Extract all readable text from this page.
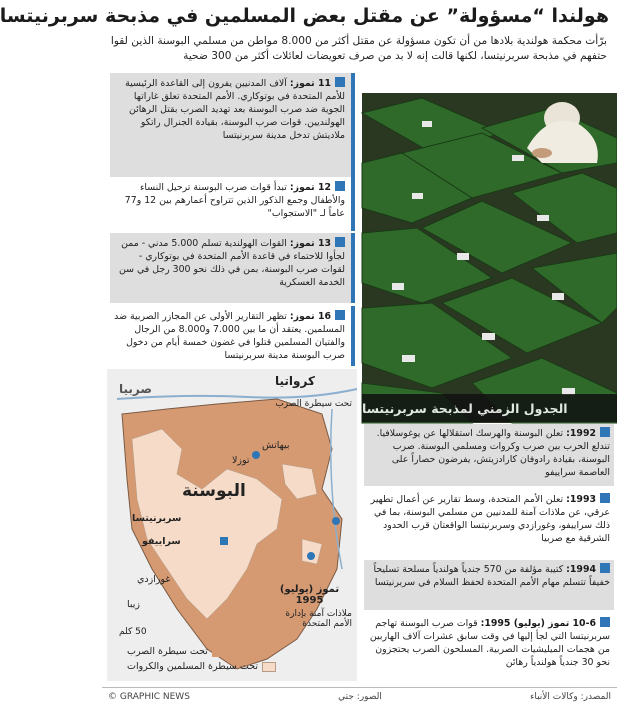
هولندا “مسؤولة” عن مقتل بعض المسلمين في مذبحة سربرنيتسا
برّأت محكمة هولندية بلادها من أن تكون مسؤولة عن مقتل أكثر من 8.000 مواطن من مسلمي البوسنة الذين لقوا حتفهم في مذبحة سربرنيتسا، لكنها قالت إنه لا بد من صرف تعويضات لعائلات أكثر من 300 ضحية
الجدول الزمني لمذبحة سربرنيتسا
11 تموز: آلاف المدنيين يفرون إلى القاعدة الرئيسية للأمم المتحدة في بوتوكاري. الأمم المتحدة تعلق غاراتها الجوية ضد صرب البوسنة بعد تهديد الصرب بقتل الرهائن الهولنديين. قوات صرب البوسنة، بقيادة الجنرال راتكو ملاديتش تدخل مدينة سربرنيتسا
12 تموز: تبدأ قوات صرب البوسنة ترحيل النساء والأطفال وجمع الذكور الذين تتراوح أعمارهم بين 12 و77 عاماً لـ "الاستجواب"
13 تموز: القوات الهولندية تسلم 5.000 مدني - ممن لجأوا للاحتماء في قاعدة الأمم المتحدة في بوتوكاري - لقوات صرب البوسنة، بمن في ذلك نحو 300 رجل في سن الخدمة العسكرية
16 تموز: تظهر التقارير الأولى عن المجازر الصربية ضد المسلمين. يعتقد أن ما بين 7.000 و8.000 من الرجال والفتيان المسلمين قتلوا في غضون خمسة أيام من دخول صرب البوسنة مدينة سربرنيتسا
1992: تعلن البوسنة والهرسك استقلالها عن يوغوسلافيا. تندلع الحرب بين صرب وكروات ومسلمي البوسنة. صرب البوسنة، بقيادة رادوفان كارادزيتش، يفرضون حصاراً على العاصمة سراييفو
1993: تعلن الأمم المتحدة، وسط تقارير عن أعمال تطهير عرقي، عن ملاذات آمنة للمدنيين من مسلمي البوسنة، بما في ذلك سراييفو، وغورازدي وسربرنيتسا الواقعتان قرب الحدود الشرقية مع صربيا
1994: كتيبة مؤلفة من 570 جندياً هولندياً مسلحة تسليحاً خفيفاً تتسلم مهام الأمم المتحدة لحفظ السلام في سربرنيتسا
10-6 تموز (يوليو) 1995: قوات صرب البوسنة تهاجم سربرنيتسا التي لجأ إليها في وقت سابق عشرات آلاف الهاربين من هجمات الميليشيات الصربية. المسلحون الصرب يحتجزون نحو 30 جندياً هولندياً رهائن
كرواتيا
صربيا
البوسنة
بيهاتش
توزلا
سربرنيتسا
سراييفو
غورازدي
زيبا
تموز (يوليو) 1995
ملاذات آمنة بإدارة الأمم المتحدة
تحت سيطرة الصرب
50 كلم
تحت سيطرة الصرب
تحت سيطرة المسلمين والكروات
المصدر: وكالات الأنباء
الصور: جتي
© GRAPHIC NEWS
